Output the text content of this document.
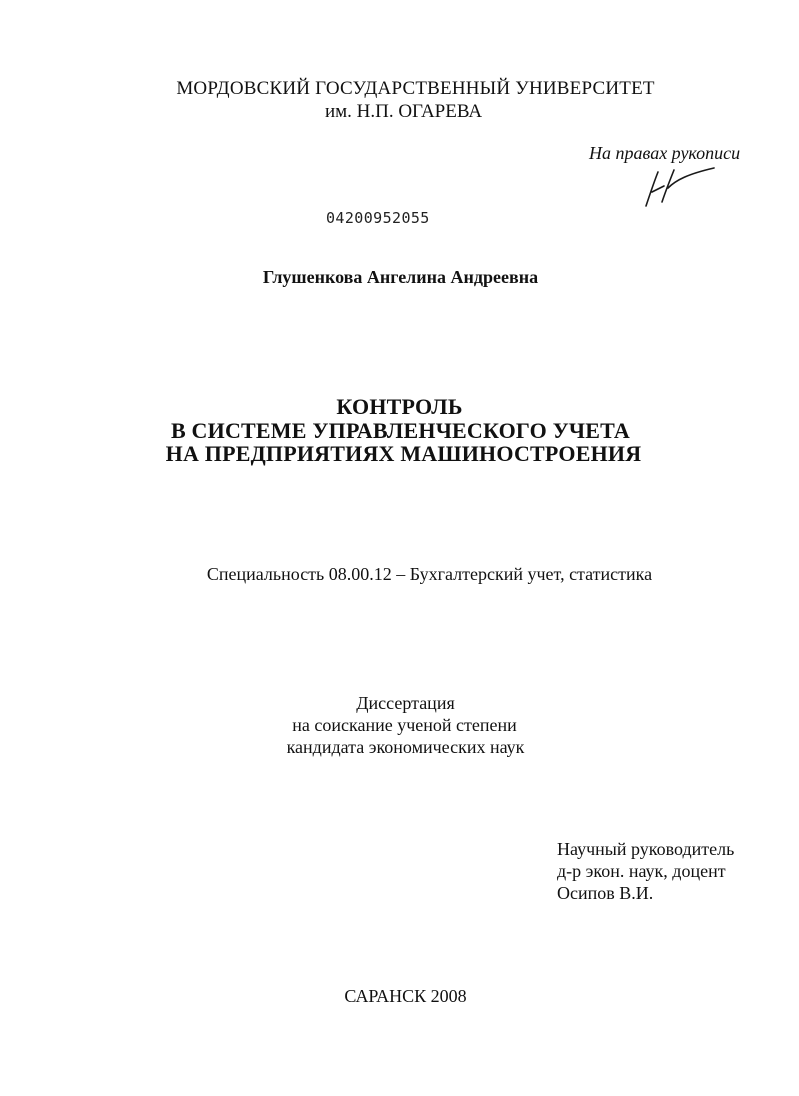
МОРДОВСКИЙ ГОСУДАРСТВЕННЫЙ УНИВЕРСИТЕТ
им. Н.П. ОГАРЕВА
На правах рукописи
04200952055
Глушенкова Ангелина Андреевна
КОНТРОЛЬ
В СИСТЕМЕ УПРАВЛЕНЧЕСКОГО УЧЕТА
НА ПРЕДПРИЯТИЯХ МАШИНОСТРОЕНИЯ
Специальность 08.00.12 – Бухгалтерский учет, статистика
Диссертация
на соискание ученой степени
кандидата экономических наук
Научный руководитель
д-р экон. наук, доцент
Осипов В.И.
САРАНСК 2008
